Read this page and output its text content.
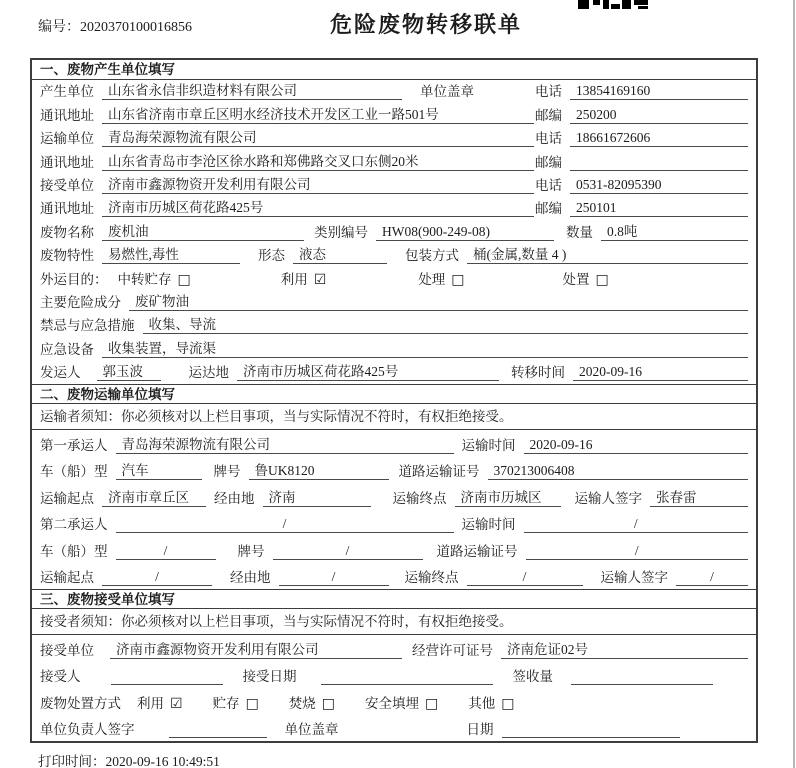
编号：2020370100016856	危险废物转移联单
一、废物产生单位填写
产生单位	山东省永信非织造材料有限公司	单位盖章	电话	13854169160
通讯地址	山东省济南市章丘区明水经济技术开发区工业一路501号	邮编	250200
运输单位	青岛海荣源物流有限公司	电话	18661672606
通讯地址	山东省青岛市李沧区徐水路和郑佛路交叉口东侧20米	邮编
接受单位	济南市鑫源物资开发利用有限公司	电话	0531-82095390
通讯地址	济南市历城区荷花路425号	邮编	250101
废物名称	废机油	类别编号	HW08(900-249-08)	数量	0.8吨
废物特性	易燃性,毒性	形态	液态	包装方式	桶(金属,数量 4 )
外运目的： 中转贮存 □	利用 ☑	处理 □	处置 □
主要危险成分	废矿物油
禁忌与应急措施	收集、导流
应急设备	收集装置，导流渠
发运人	郭玉波	运达地	济南市历城区荷花路425号	转移时间	2020-09-16
二、废物运输单位填写
运输者须知：你必须核对以上栏目事项，当与实际情况不符时，有权拒绝接受。
第一承运人	青岛海荣源物流有限公司	运输时间	2020-09-16
车（船）型	汽车	牌号	鲁UK8120	道路运输证号	370213006408
运输起点	济南市章丘区	经由地	济南	运输终点	济南市历城区	运输人签字	张春雷
第二承运人	/	运输时间	/
车（船）型	/	牌号	/	道路运输证号	/
运输起点	/	经由地	/	运输终点	/	运输人签字	/
三、废物接受单位填写
接受者须知：你必须核对以上栏目事项，当与实际情况不符时，有权拒绝接受。
接受单位	济南市鑫源物资开发利用有限公司	经营许可证号	济南危证02号
接受人	接受日期	签收量
废物处置方式 利用 ☑ 贮存 □ 焚烧 □ 安全填埋 □ 其他 □
单位负责人签字	单位盖章	日期
打印时间：2020-09-16 10:49:51
